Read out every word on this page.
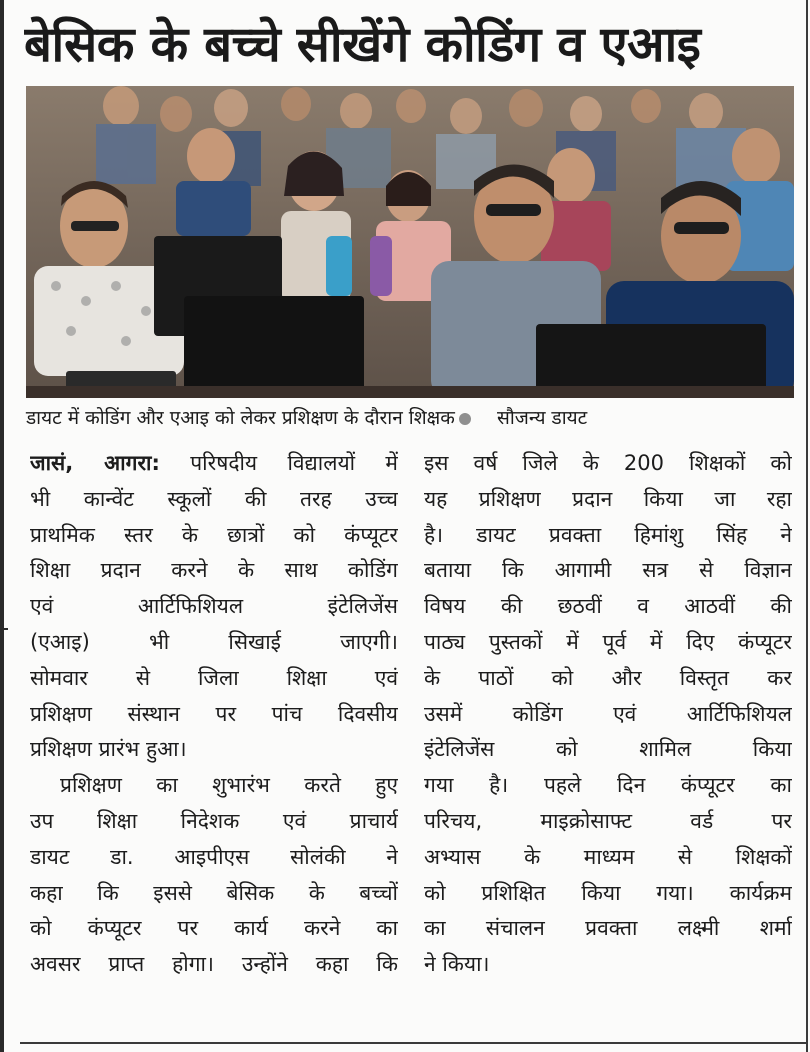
बेसिक के बच्चे सीखेंगे कोडिंग व एआइ
डायट में कोडिंग और एआइ को लेकर प्रशिक्षण के दौरान शिक्षक सौजन्य डायट
जासं, आगरा: परिषदीय विद्यालयों में
भी कान्वेंट स्कूलों की तरह उच्च
प्राथमिक स्तर के छात्रों को कंप्यूटर
शिक्षा प्रदान करने के साथ कोडिंग
एवं आर्टिफिशियल इंटेलिजेंस
(एआइ) भी सिखाई जाएगी।
सोमवार से जिला शिक्षा एवं
प्रशिक्षण संस्थान पर पांच दिवसीय
प्रशिक्षण प्रारंभ हुआ।
प्रशिक्षण का शुभारंभ करते हुए
उप शिक्षा निदेशक एवं प्राचार्य
डायट डा. आइपीएस सोलंकी ने
कहा कि इससे बेसिक के बच्चों
को कंप्यूटर पर कार्य करने का
अवसर प्राप्त होगा। उन्होंने कहा कि
इस वर्ष जिले के 200 शिक्षकों को
यह प्रशिक्षण प्रदान किया जा रहा
है। डायट प्रवक्ता हिमांशु सिंह ने
बताया कि आगामी सत्र से विज्ञान
विषय की छठवीं व आठवीं की
पाठ्य पुस्तकों में पूर्व में दिए कंप्यूटर
के पाठों को और विस्तृत कर
उसमें कोडिंग एवं आर्टिफिशियल
इंटेलिजेंस को शामिल किया
गया है। पहले दिन कंप्यूटर का
परिचय, माइक्रोसाफ्ट वर्ड पर
अभ्यास के माध्यम से शिक्षकों
को प्रशिक्षित किया गया। कार्यक्रम
का संचालन प्रवक्ता लक्ष्मी शर्मा
ने किया।
